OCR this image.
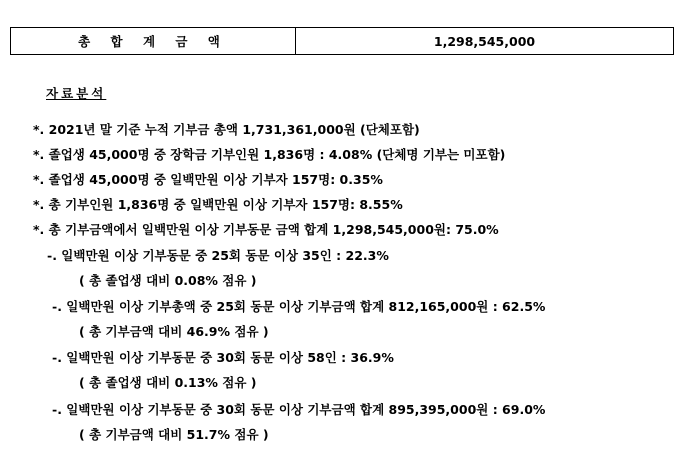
총 합 계 금 액	1,298,545,000
자료분석
*. 2021년 말 기준 누적 기부금 총액 1,731,361,000원 (단체포함)
*. 졸업생 45,000명 중 장학금 기부인원 1,836명 : 4.08% (단체명 기부는 미포함)
*. 졸업생 45,000명 중 일백만원 이상 기부자 157명: 0.35%
*. 총 기부인원 1,836명 중 일백만원 이상 기부자 157명: 8.55%
*. 총 기부금액에서 일백만원 이상 기부동문 금액 합계 1,298,545,000원: 75.0%
-. 일백만원 이상 기부동문 중 25회 동문 이상 35인 : 22.3%
( 총 졸업생 대비 0.08% 점유 )
-. 일백만원 이상 기부총액 중 25회 동문 이상 기부금액 합계 812,165,000원 : 62.5%
( 총 기부금액 대비 46.9% 점유 )
-. 일백만원 이상 기부동문 중 30회 동문 이상 58인 : 36.9%
( 총 졸업생 대비 0.13% 점유 )
-. 일백만원 이상 기부동문 중 30회 동문 이상 기부금액 합계 895,395,000원 : 69.0%
( 총 기부금액 대비 51.7% 점유 )
